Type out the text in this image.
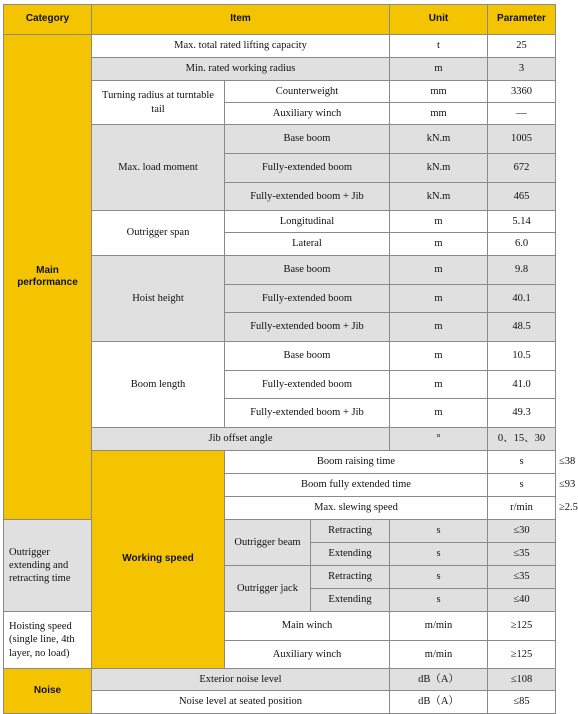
Category	Item			Unit	Parameter	
Main performance	Max. total rated lifting capacity			t	25	
	Min. rated working radius			m	3	
	Turning radius at turntable tail	Counterweight		mm	3360	
		Auxiliary winch		mm	—	
	Max. load moment	Base boom		kN.m	1005	
		Fully-extended boom		kN.m	672	
		Fully-extended boom + Jib		kN.m	465	
	Outrigger span	Longitudinal		m	5.14	
		Lateral		m	6.0	
	Hoist height	Base boom		m	9.8	
		Fully-extended boom		m	40.1	
		Fully-extended boom + Jib		m	48.5	
	Boom length	Base boom		m	10.5	
		Fully-extended boom		m	41.0	
		Fully-extended boom + Jib		m	49.3	
	Jib offset angle			°	0、15、30	
	Working speed	Boom raising time			s	≤38
		Boom fully extended time			s	≤93
		Max. slewing speed			r/min	≥2.5
Outrigger extending and retracting time		Outrigger beam	Retracting	s	≤30	
			Extending	s	≤35	
		Outrigger jack	Retracting	s	≤35	
			Extending	s	≤40	
Hoisting speed (single line, 4th layer, no load)		Main winch		m/min	≥125	
		Auxiliary winch		m/min	≥125	
Noise	Exterior noise level			dB（A）	≤108	
	Noise level at seated position			dB（A）	≤85	
